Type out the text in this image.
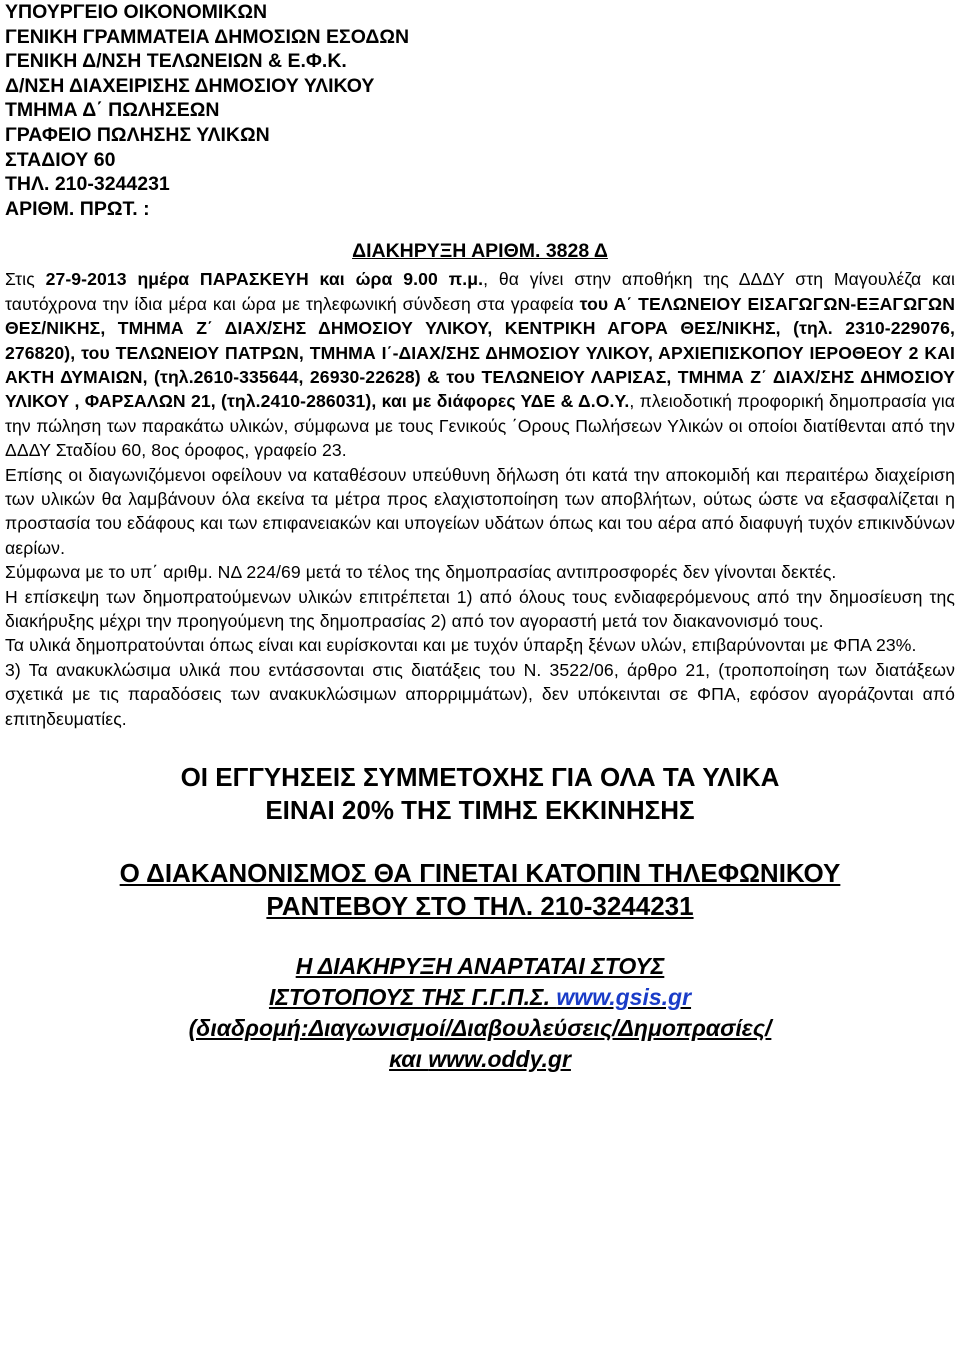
ΥΠΟΥΡΓΕΙΟ ΟΙΚΟΝΟΜΙΚΩΝ

ΓΕΝΙΚΗ ΓΡΑΜΜΑΤΕΙΑ ΔΗΜΟΣΙΩΝ ΕΣΟΔΩΝ

ΓΕΝΙΚΗ Δ/ΝΣΗ ΤΕΛΩΝΕΙΩΝ & Ε.Φ.Κ.

Δ/ΝΣΗ ΔΙΑΧΕΙΡΙΣΗΣ ΔΗΜΟΣΙΟΥ ΥΛΙΚΟΥ

ΤΜΗΜΑ Δ΄ ΠΩΛΗΣΕΩΝ

ΓΡΑΦΕΙΟ ΠΩΛΗΣΗΣ ΥΛΙΚΩΝ

ΣΤΑΔΙΟΥ 60

ΤΗΛ. 210-3244231

ΑΡΙΘΜ. ΠΡΩΤ. :

ΔΙΑΚΗΡΥΞΗ ΑΡΙΘΜ. 3828 Δ

Στις 27-9-2013 ημέρα ΠΑΡΑΣΚΕΥΗ και ώρα 9.00 π.μ., θα γίνει στην αποθήκη της ΔΔΔΥ στη Μαγουλέζα και ταυτόχρονα την ίδια μέρα και ώρα με τηλεφωνική σύνδεση στα γραφεία του Α΄ ΤΕΛΩΝΕΙΟΥ ΕΙΣΑΓΩΓΩΝ-ΕΞΑΓΩΓΩΝ ΘΕΣ/ΝΙΚΗΣ, ΤΜΗΜΑ Ζ΄ ΔΙΑΧ/ΣΗΣ ΔΗΜΟΣΙΟΥ ΥΛΙΚΟΥ, ΚΕΝΤΡΙΚΗ ΑΓΟΡΑ ΘΕΣ/ΝΙΚΗΣ, (τηλ. 2310-229076, 276820), του ΤΕΛΩΝΕΙΟΥ ΠΑΤΡΩΝ, ΤΜΗΜΑ Ι΄-ΔΙΑΧ/ΣΗΣ ΔΗΜΟΣΙΟΥ ΥΛΙΚΟΥ, ΑΡΧΙΕΠΙΣΚΟΠΟΥ ΙΕΡΟΘΕΟΥ 2 ΚΑΙ ΑΚΤΗ ΔΥΜΑΙΩΝ, (τηλ.2610-335644, 26930-22628) & του ΤΕΛΩΝΕΙΟΥ ΛΑΡΙΣΑΣ, ΤΜΗΜΑ Ζ΄ ΔΙΑΧ/ΣΗΣ ΔΗΜΟΣΙΟΥ ΥΛΙΚΟΥ , ΦΑΡΣΑΛΩΝ 21, (τηλ.2410-286031), και με διάφορες ΥΔΕ & Δ.Ο.Υ., πλειοδοτική προφορική δημοπρασία για την πώληση των παρακάτω υλικών, σύμφωνα με τους Γενικούς ΄Ορους Πωλήσεων Υλικών οι οποίοι διατίθενται από την ΔΔΔΥ Σταδίου 60, 8ος όροφος, γραφείο 23.

Επίσης οι διαγωνιζόμενοι οφείλουν να καταθέσουν υπεύθυνη δήλωση ότι κατά την αποκομιδή και περαιτέρω διαχείριση των υλικών θα λαμβάνουν όλα εκείνα τα μέτρα προς ελαχιστοποίηση των αποβλήτων, ούτως ώστε να εξασφαλίζεται η προστασία του εδάφους και των επιφανειακών και υπογείων υδάτων όπως και του αέρα από διαφυγή τυχόν επικινδύνων αερίων.

Σύμφωνα με το υπ΄ αριθμ. ΝΔ 224/69 μετά το τέλος της δημοπρασίας αντιπροσφορές δεν γίνονται δεκτές.

Η επίσκεψη των δημοπρατούμενων υλικών επιτρέπεται 1) από όλους τους ενδιαφερόμενους από την δημοσίευση της διακήρυξης μέχρι την προηγούμενη της δημοπρασίας 2) από τον αγοραστή μετά τον διακανονισμό τους.

Τα υλικά δημοπρατούνται όπως είναι και ευρίσκονται και με τυχόν ύπαρξη ξένων υλών, επιβαρύνονται με ΦΠΑ 23%.

3) Τα ανακυκλώσιμα υλικά που εντάσσονται στις διατάξεις του Ν. 3522/06, άρθρο 21, (τροποποίηση των διατάξεων σχετικά με τις παραδόσεις των ανακυκλώσιμων απορριμμάτων), δεν υπόκεινται σε ΦΠΑ, εφόσον αγοράζονται από επιτηδευματίες.

ΟΙ ΕΓΓΥΗΣΕΙΣ ΣΥΜΜΕΤΟΧΗΣ ΓΙΑ ΟΛΑ ΤΑ ΥΛΙΚΑ

ΕΙΝΑΙ 20% ΤΗΣ ΤΙΜΗΣ ΕΚΚΙΝΗΣΗΣ

Ο ΔΙΑΚΑΝΟΝΙΣΜΟΣ ΘΑ ΓΙΝΕΤΑΙ ΚΑΤΟΠΙΝ ΤΗΛΕΦΩΝΙΚΟΥ

ΡΑΝΤΕΒΟΥ ΣΤΟ ΤΗΛ. 210-3244231

Η ΔΙΑΚΗΡΥΞΗ ΑΝΑΡΤΑΤΑΙ ΣΤΟΥΣ

ΙΣΤΟΤΟΠΟΥΣ ΤΗΣ Γ.Γ.Π.Σ. www.gsis.gr

(διαδρομή:Διαγωνισμοί/Διαβουλεύσεις/Δημοπρασίες/

και www.oddy.gr
